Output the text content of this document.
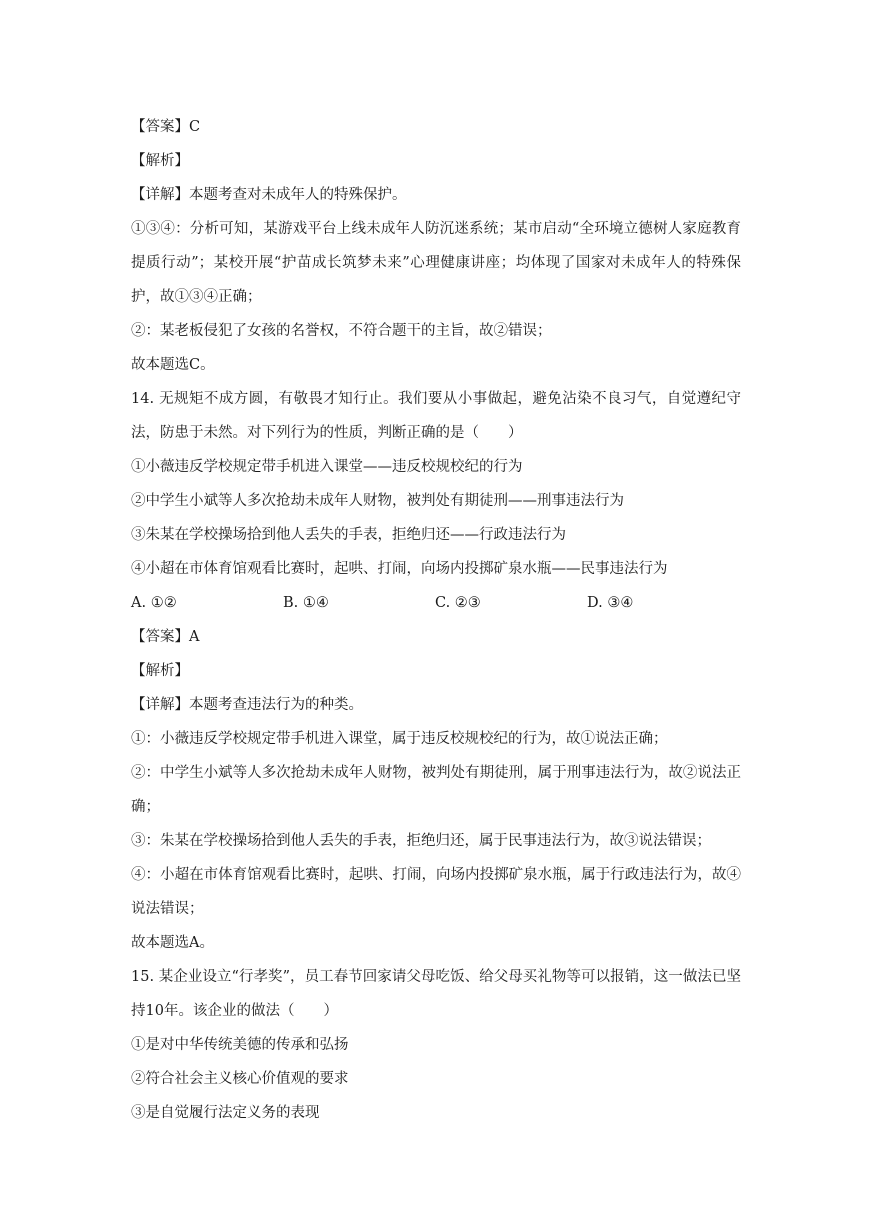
【答案】C
【解析】
【详解】本题考查对未成年人的特殊保护。
①③④：分析可知，某游戏平台上线未成年人防沉迷系统；某市启动“全环境立德树人家庭教育提质行动”；某校开展“护苗成长筑梦未来”心理健康讲座；均体现了国家对未成年人的特殊保护，故①③④正确；
②：某老板侵犯了女孩的名誉权，不符合题干的主旨，故②错误；
故本题选C。
14. 无规矩不成方圆，有敬畏才知行止。我们要从小事做起，避免沾染不良习气，自觉遵纪守法，防患于未然。对下列行为的性质，判断正确的是（　　）
①小薇违反学校规定带手机进入课堂——违反校规校纪的行为
②中学生小斌等人多次抢劫未成年人财物，被判处有期徒刑——刑事违法行为
③朱某在学校操场拾到他人丢失的手表，拒绝归还——行政违法行为
④小超在市体育馆观看比赛时，起哄、打闹，向场内投掷矿泉水瓶——民事违法行为
A. ①②	B. ①④	C. ②③	D. ③④
【答案】A
【解析】
【详解】本题考查违法行为的种类。
①：小薇违反学校规定带手机进入课堂，属于违反校规校纪的行为，故①说法正确；
②：中学生小斌等人多次抢劫未成年人财物，被判处有期徒刑，属于刑事违法行为，故②说法正确；
③：朱某在学校操场拾到他人丢失的手表，拒绝归还，属于民事违法行为，故③说法错误；
④：小超在市体育馆观看比赛时，起哄、打闹，向场内投掷矿泉水瓶，属于行政违法行为，故④说法错误；
故本题选A。
15. 某企业设立“行孝奖”，员工春节回家请父母吃饭、给父母买礼物等可以报销，这一做法已坚持10年。该企业的做法（　　）
①是对中华传统美德的传承和弘扬
②符合社会主义核心价值观的要求
③是自觉履行法定义务的表现
